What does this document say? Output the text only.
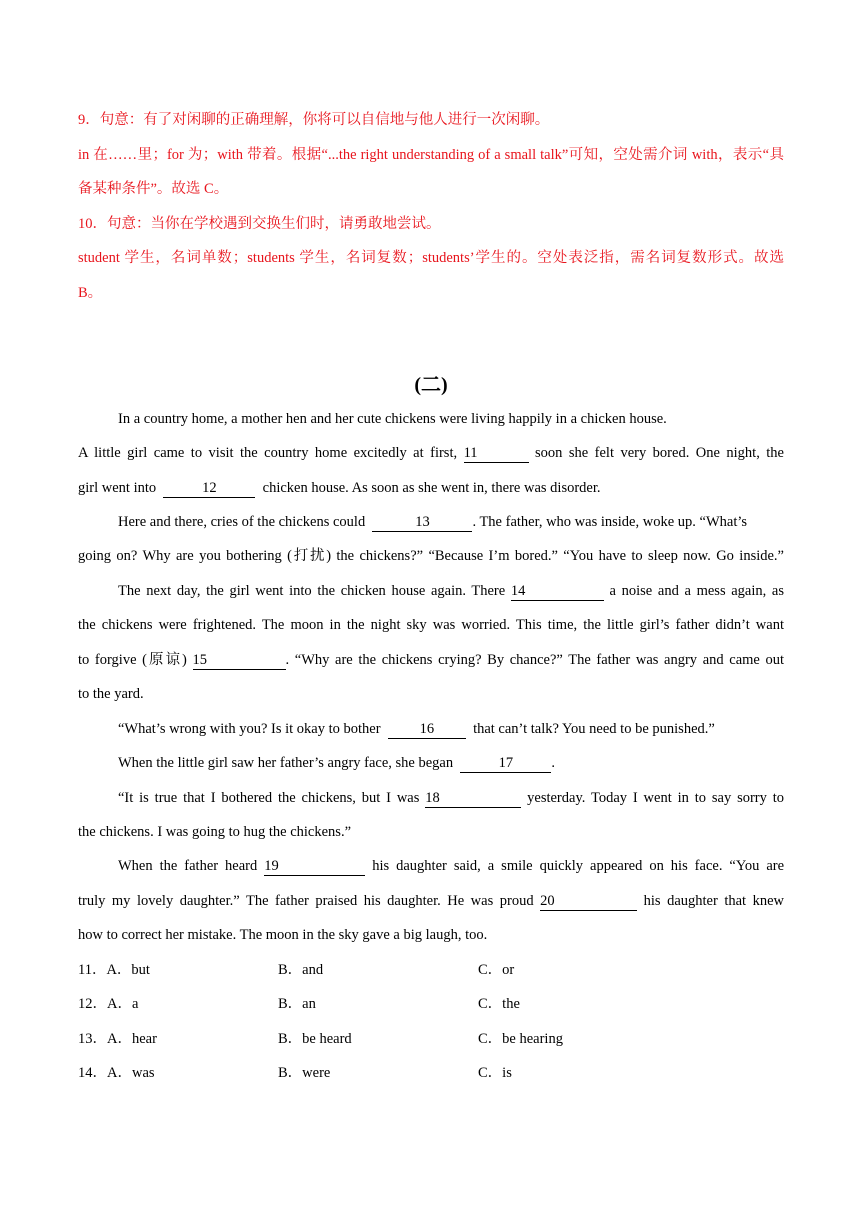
9．句意：有了对闲聊的正确理解，你将可以自信地与他人进行一次闲聊。
in 在……里；for 为；with 带着。根据“...the right understanding of a small talk”可知，空处需介词 with，表示“具
备某种条件”。故选 C。
10．句意：当你在学校遇到交换生们时，请勇敢地尝试。
student 学生，名词单数；students 学生，名词复数；students’学生的。空处表泛指，需名词复数形式。故选
B。
(二)
In a country home, a mother hen and her cute chickens were living happily in a chicken house.
A little girl came to visit the country home excitedly at first, 11	soon she felt very bored. One night, the
girl went into	12	chicken house. As soon as she went in, there was disorder.
Here and there, cries of the chickens could	13	. The father, who was inside, woke up. “What’s
going on? Why are you bothering (打扰) the chickens?” “Because I’m bored.” “You have to sleep now. Go inside.”
The next day, the girl went into the chicken house again. There 14	a noise and a mess again, as
the chickens were frightened. The moon in the night sky was worried. This time, the little girl’s father didn’t want
to forgive (原谅) 15	. “Why are the chickens crying? By chance?” The father was angry and came out
to the yard.
“What’s wrong with you? Is it okay to bother	16	that can’t talk? You need to be punished.”
When the little girl saw her father’s angry face, she began	17	.
“It is true that I bothered the chickens, but I was 18	yesterday. Today I went in to say sorry to
the chickens. I was going to hug the chickens.”
When the father heard 19	his daughter said, a smile quickly appeared on his face. “You are
truly my lovely daughter.” The father praised his daughter. He was proud 20	his daughter that knew
how to correct her mistake. The moon in the sky gave a big laugh, too.
11．A．but	B．and	C．or
12．A．a	B．an	C．the
13．A．hear	B．be heard	C．be hearing
14．A．was	B．were	C．is
